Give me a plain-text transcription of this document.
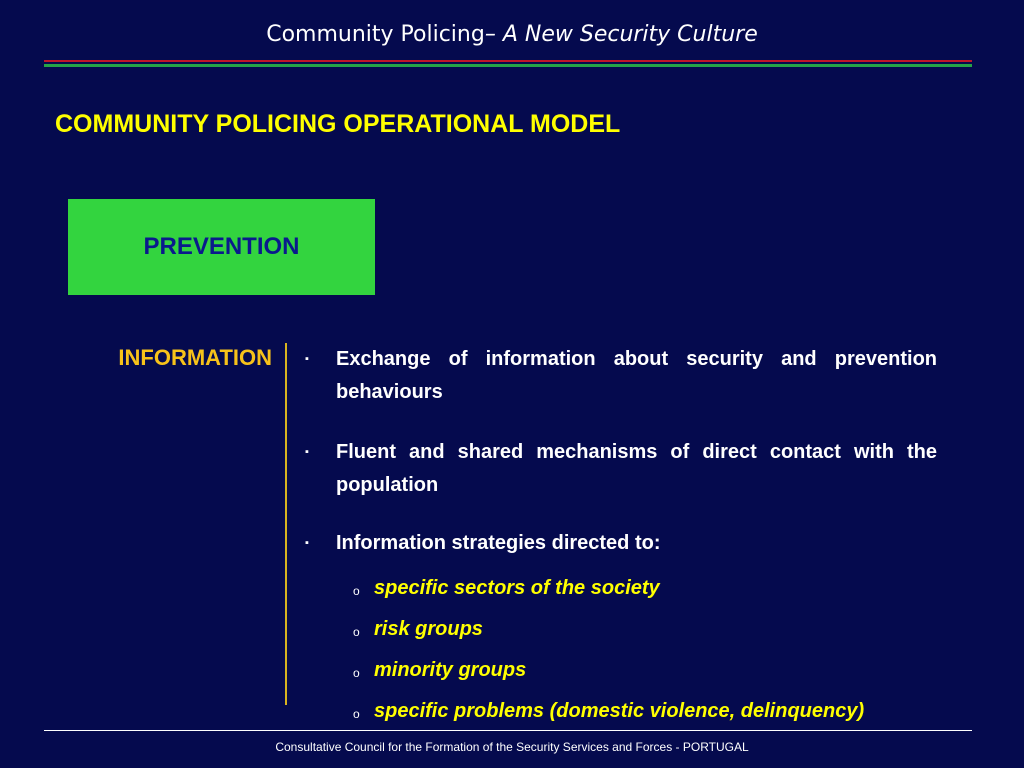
Community Policing– A New Security Culture
COMMUNITY POLICING OPERATIONAL MODEL
PREVENTION
INFORMATION	▪ Exchange of information about security and prevention behaviours
▪ Fluent and shared mechanisms of direct contact with the population
▪ Information strategies directed to:
o specific sectors of the society
o risk groups
o minority groups
o specific problems (domestic violence, delinquency)
Consultative Council for the Formation of the Security Services and Forces - PORTUGAL
